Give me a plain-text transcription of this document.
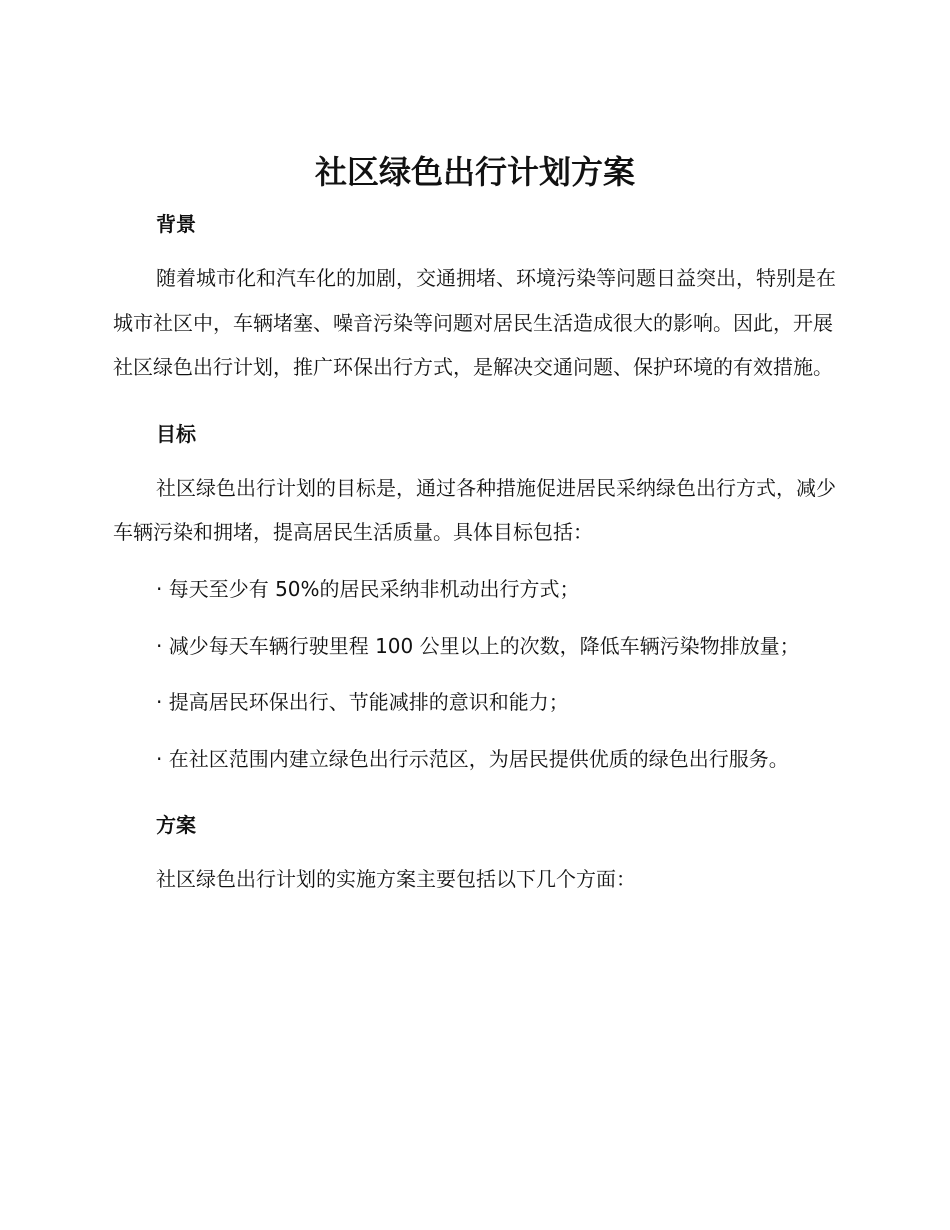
社区绿色出行计划方案
背景

随着城市化和汽车化的加剧，交通拥堵、环境污染等问题日益突出，特别是在城市社区中，车辆堵塞、噪音污染等问题对居民生活造成很大的影响。因此，开展社区绿色出行计划，推广环保出行方式，是解决交通问题、保护环境的有效措施。

目标

社区绿色出行计划的目标是，通过各种措施促进居民采纳绿色出行方式，减少车辆污染和拥堵，提高居民生活质量。具体目标包括：

· 每天至少有 50%的居民采纳非机动出行方式；

· 减少每天车辆行驶里程 100 公里以上的次数，降低车辆污染物排放量；

· 提高居民环保出行、节能减排的意识和能力；

· 在社区范围内建立绿色出行示范区，为居民提供优质的绿色出行服务。

方案

社区绿色出行计划的实施方案主要包括以下几个方面：
